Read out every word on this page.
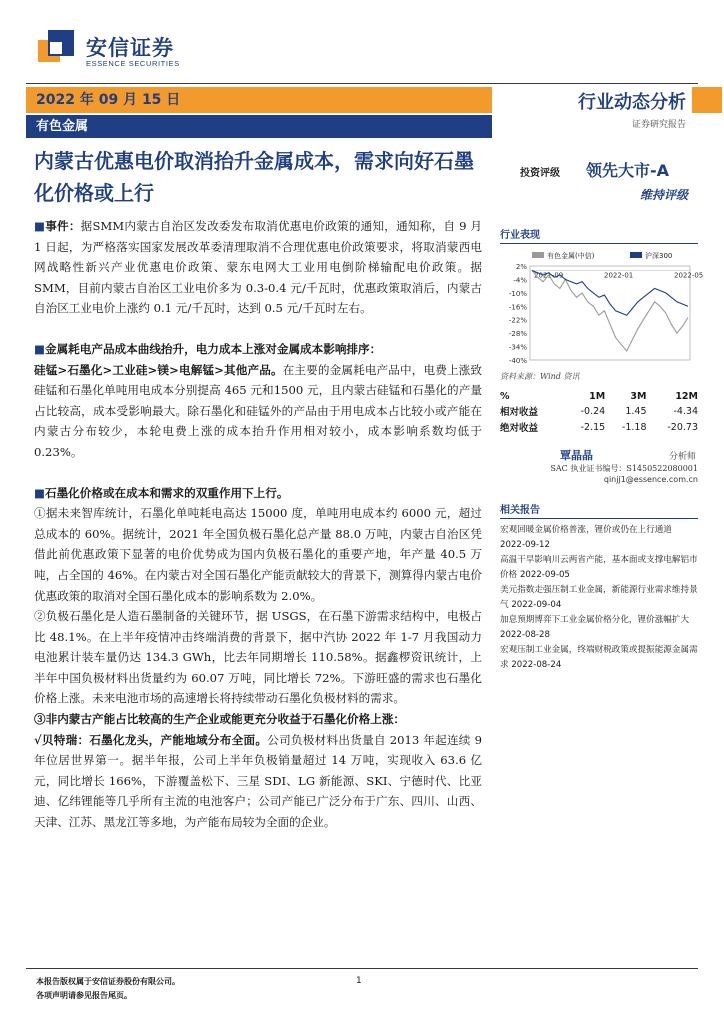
安信证券
ESSENCE SECURITIES
2022 年 09 月 15 日
有色金属
行业动态分析
证券研究报告
内蒙古优惠电价取消抬升金属成本，需求向好石墨化价格或上行
投资评级 领先大市-A
维持评级

■事件：据SMM内蒙古自治区发改委发布取消优惠电价政策的通知，通知称，自 9 月 1 日起，为严格落实国家发展改革委清理取消不合理优惠电价政策要求，将取消蒙西电网战略性新兴产业优惠电价政策、蒙东电网大工业用电倒阶梯输配电价政策。据SMM，目前内蒙古自治区工业电价多为 0.3-0.4 元/千瓦时，优惠政策取消后，内蒙古自治区工业电价上涨约 0.1 元/千瓦时，达到 0.5 元/千瓦时左右。

■金属耗电产品成本曲线抬升，电力成本上涨对金属成本影响排序：
硅锰>石墨化>工业硅>镁>电解锰>其他产品。在主要的金属耗电产品中，电费上涨致硅锰和石墨化单吨用电成本分别提高 465 元和1500 元，且内蒙古硅锰和石墨化的产量占比较高，成本受影响最大。除石墨化和硅锰外的产品由于用电成本占比较小或产能在内蒙古分布较少，本轮电费上涨的成本抬升作用相对较小，成本影响系数均低于 0.23%。

■石墨化价格或在成本和需求的双重作用下上行。

①据未来智库统计，石墨化单吨耗电高达 15000 度，单吨用电成本约 6000 元，超过总成本的 60%。据统计，2021 年全国负极石墨化总产量 88.0 万吨，内蒙古自治区凭借此前优惠政策下显著的电价优势成为国内负极石墨化的重要产地，年产量 40.5 万吨，占全国的 46%。在内蒙古对全国石墨化产能贡献较大的背景下，测算得内蒙古电价优惠政策的取消对全国石墨化成本的影响系数为 2.0%。

②负极石墨化是人造石墨制备的关键环节，据 USGS，在石墨下游需求结构中，电极占比 48.1%。在上半年疫情冲击终端消费的背景下，据中汽协 2022 年 1-7 月我国动力电池累计装车量仍达 134.3 GWh，比去年同期增长 110.58%。据鑫椤资讯统计，上半年中国负极材料出货量约为 60.07 万吨，同比增长 72%。下游旺盛的需求也石墨化价格上涨。未来电池市场的高速增长将持续带动石墨化负极材料的需求。

③非内蒙古产能占比较高的生产企业或能更充分收益于石墨化价格上涨：

√贝特瑞：石墨化龙头，产能地域分布全面。公司负极材料出货量自 2013 年起连续 9 年位居世界第一。据半年报，公司上半年负极销量超过 14 万吨，实现收入 63.6 亿元，同比增长 166%，下游覆盖松下、三星 SDI、LG 新能源、SKI、宁德时代、比亚迪、亿纬锂能等几乎所有主流的电池客户；公司产能已广泛分布于广东、四川、山西、天津、江苏、黑龙江等多地，为产能布局较为全面的企业。

行业表现
2%
-4%
-10%
-16%
-22%
-28%
-34%
-40%
2021-09	2022-01	2022-05
有色金属(中信)	沪深300
资料来源：Wind 资讯
%	1M	3M	12M
相对收益	-0.24	1.45	-4.34
绝对收益	-2.15	-1.18	-20.73
覃晶晶	分析师
SAC 执业证书编号：S1450522080001
qinjj1@essence.com.cn
相关报告
宏观回暖金属价格普涨，锂价或仍在上行通道 2022-09-12
高温干旱影响川云两省产能，基本面或支撑电解铝市价格 2022-09-05
美元指数走强压制工业金属，新能源行业需求维持景气 2022-09-04
加息预期博弈下工业金属价格分化，锂价涨幅扩大 2022-08-28
宏观压制工业金属，终端财税政策或提振能源金属需求 2022-08-24
本报告版权属于安信证券股份有限公司。
各项声明请参见报告尾页。
1
